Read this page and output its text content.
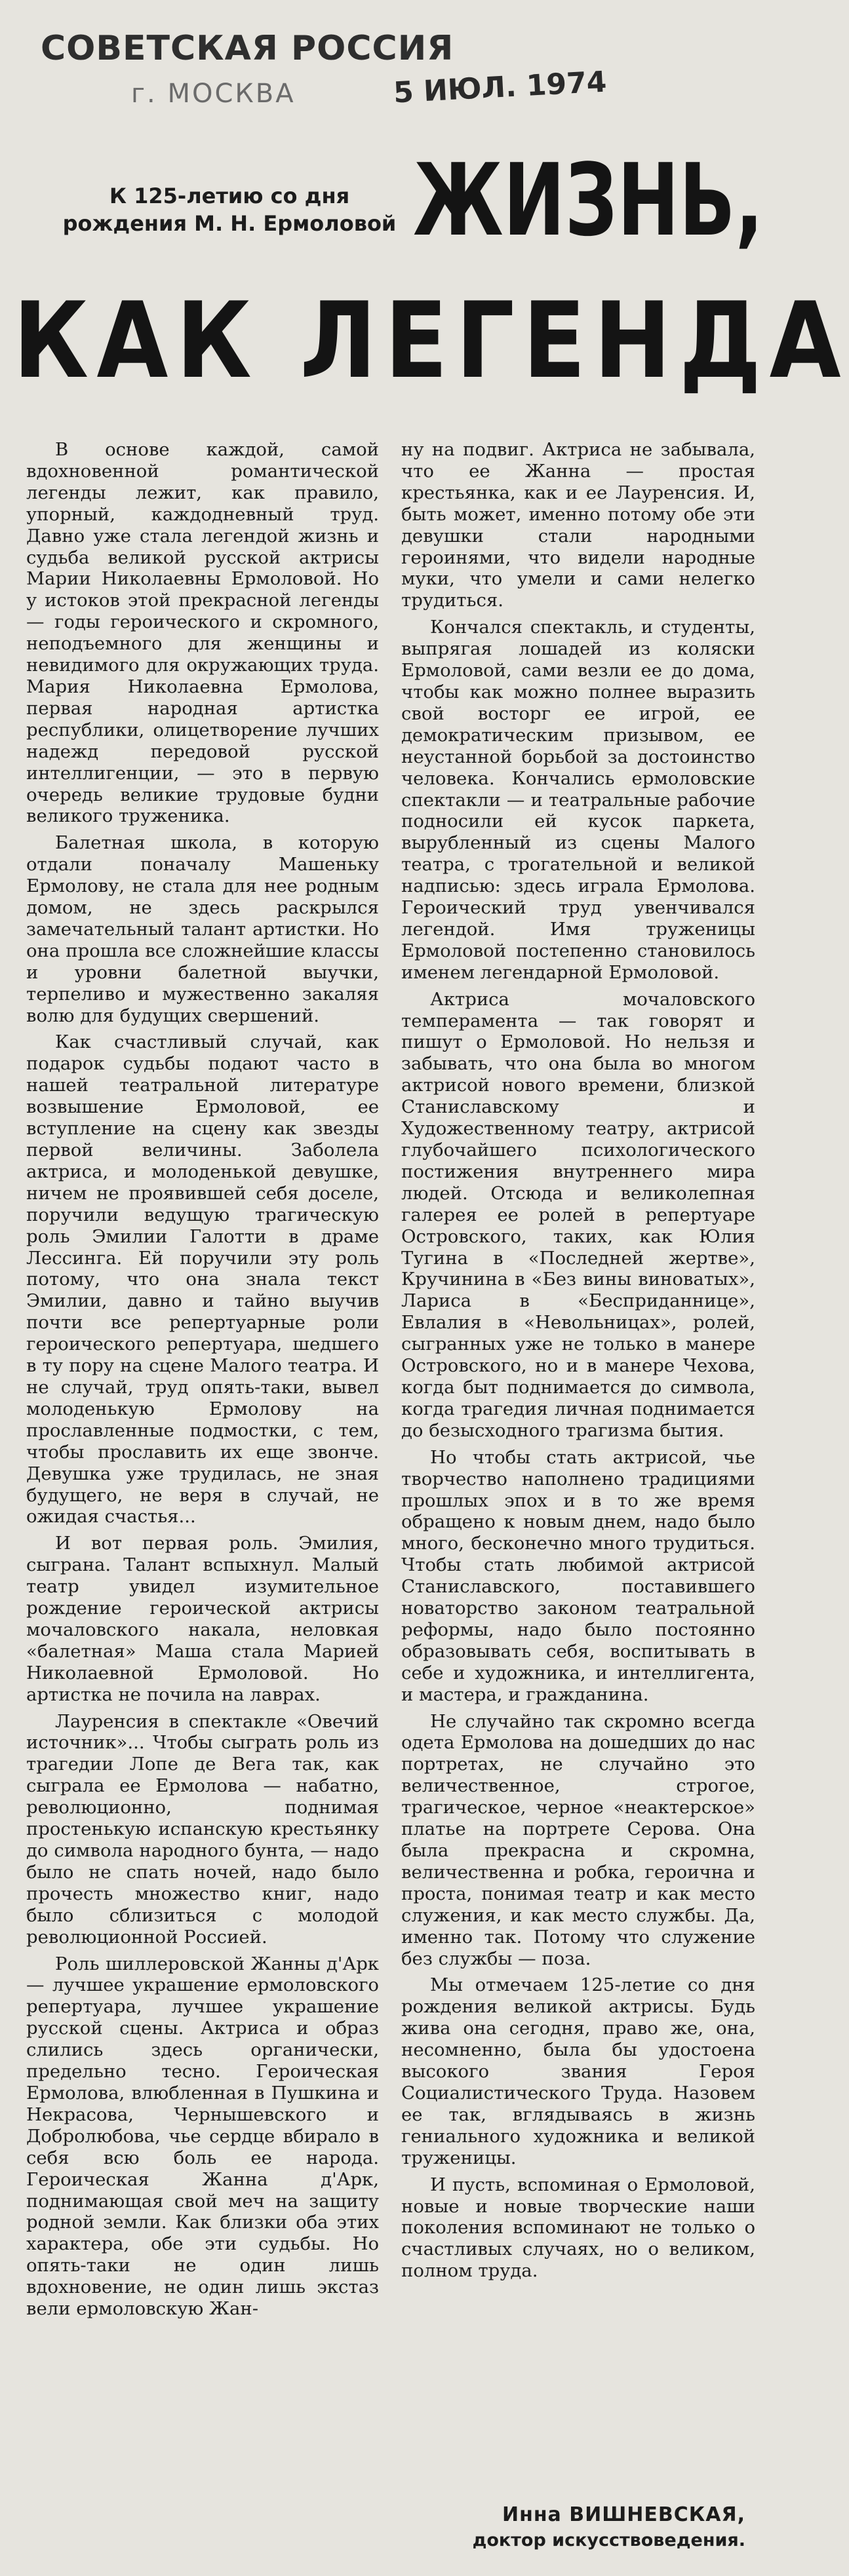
СОВЕТСКАЯ РОССИЯ
г. МОСКВА	5 ИЮЛ. 1974
К 125-летию со дня
рождения М. Н. Ермоловой ЖИЗНЬ,
КАК ЛЕГЕНДА

В основе каждой, самой вдохновенной романтической легенды лежит, как правило, упорный, каждодневный труд. Давно уже стала легендой жизнь и судьба великой русской актрисы Марии Николаевны Ермоловой. Но у истоков этой прекрасной легенды — годы героического и скромного, неподъемного для женщины и невидимого для окружающих труда. Мария Николаевна Ермолова, первая народная артистка республики, олицетворение лучших надежд передовой русской интеллигенции, — это в первую очередь великие трудовые будни великого труженика.

Балетная школа, в которую отдали поначалу Машеньку Ермолову, не стала для нее родным домом, не здесь раскрылся замечательный талант артистки. Но она прошла все сложнейшие классы и уровни балетной выучки, терпеливо и мужественно закаляя волю для будущих свершений.

Как счастливый случай, как подарок судьбы подают часто в нашей театральной литературе возвышение Ермоловой, ее вступление на сцену как звезды первой величины. Заболела актриса, и молоденькой девушке, ничем не проявившей себя доселе, поручили ведущую трагическую роль Эмилии Галотти в драме Лессинга. Ей поручили эту роль потому, что она знала текст Эмилии, давно и тайно выучив почти все репертуарные роли героического репертуара, шедшего в ту пору на сцене Малого театра. И не случай, труд опять-таки, вывел молоденькую Ермолову на прославленные подмостки, с тем, чтобы прославить их еще звонче. Девушка уже трудилась, не зная будущего, не веря в случай, не ожидая счастья...

И вот первая роль. Эмилия, сыграна. Талант вспыхнул. Малый театр увидел изумительное рождение героической актрисы мочаловского накала, неловкая «балетная» Маша стала Марией Николаевной Ермоловой. Но артистка не почила на лаврах.

Лауренсия в спектакле «Овечий источник»... Чтобы сыграть роль из трагедии Лопе де Вега так, как сыграла ее Ермолова — набатно, революционно, поднимая простенькую испанскую крестьянку до символа народного бунта, — надо было не спать ночей, надо было прочесть множество книг, надо было сблизиться с молодой революционной Россией.

Роль шиллеровской Жанны д'Арк — лучшее украшение ермоловского репертуара, лучшее украшение русской сцены. Актриса и образ слились здесь органически, предельно тесно. Героическая Ермолова, влюбленная в Пушкина и Некрасова, Чернышевского и Добролюбова, чье сердце вбирало в себя всю боль ее народа. Героическая Жанна д'Арк, поднимающая свой меч на защиту родной земли. Как близки оба этих характера, обе эти судьбы. Но опять-таки не один лишь вдохновение, не один лишь экстаз вели ермоловскую Жан-

ну на подвиг. Актриса не забывала, что ее Жанна — простая крестьянка, как и ее Лауренсия. И, быть может, именно потому обе эти девушки стали народными героинями, что видели народные муки, что умели и сами нелегко трудиться.

Кончался спектакль, и студенты, выпрягая лошадей из коляски Ермоловой, сами везли ее до дома, чтобы как можно полнее выразить свой восторг ее игрой, ее демократическим призывом, ее неустанной борьбой за достоинство человека. Кончались ермоловские спектакли — и театральные рабочие подносили ей кусок паркета, вырубленный из сцены Малого театра, с трогательной и великой надписью: здесь играла Ермолова. Героический труд увенчивался легендой. Имя труженицы Ермоловой постепенно становилось именем легендарной Ермоловой.

Актриса мочаловского темперамента — так говорят и пишут о Ермоловой. Но нельзя и забывать, что она была во многом актрисой нового времени, близкой Станиславскому и Художественному театру, актрисой глубочайшего психологического постижения внутреннего мира людей. Отсюда и великолепная галерея ее ролей в репертуаре Островского, таких, как Юлия Тугина в «Последней жертве», Кручинина в «Без вины виноватых», Лариса в «Бесприданнице», Евлалия в «Невольницах», ролей, сыгранных уже не только в манере Островского, но и в манере Чехова, когда быт поднимается до символа, когда трагедия личная поднимается до безысходного трагизма бытия.

Но чтобы стать актрисой, чье творчество наполнено традициями прошлых эпох и в то же время обращено к новым днем, надо было много, бесконечно много трудиться. Чтобы стать любимой актрисой Станиславского, поставившего новаторство законом театральной реформы, надо было постоянно образовывать себя, воспитывать в себе и художника, и интеллигента, и мастера, и гражданина.

Не случайно так скромно всегда одета Ермолова на дошедших до нас портретах, не случайно это величественное, строгое, трагическое, черное «неактерское» платье на портрете Серова. Она была прекрасна и скромна, величественна и робка, героична и проста, понимая театр и как место служения, и как место службы. Да, именно так. Потому что служение без службы — поза.

Мы отмечаем 125-летие со дня рождения великой актрисы. Будь жива она сегодня, право же, она, несомненно, была бы удостоена высокого звания Героя Социалистического Труда. Назовем ее так, вглядываясь в жизнь гениального художника и великой труженицы.

И пусть, вспоминая о Ермоловой, новые и новые творческие наши поколения вспоминают не только о счастливых случаях, но о великом, полном труда.

Инна ВИШНЕВСКАЯ,
доктор искусствоведения.
